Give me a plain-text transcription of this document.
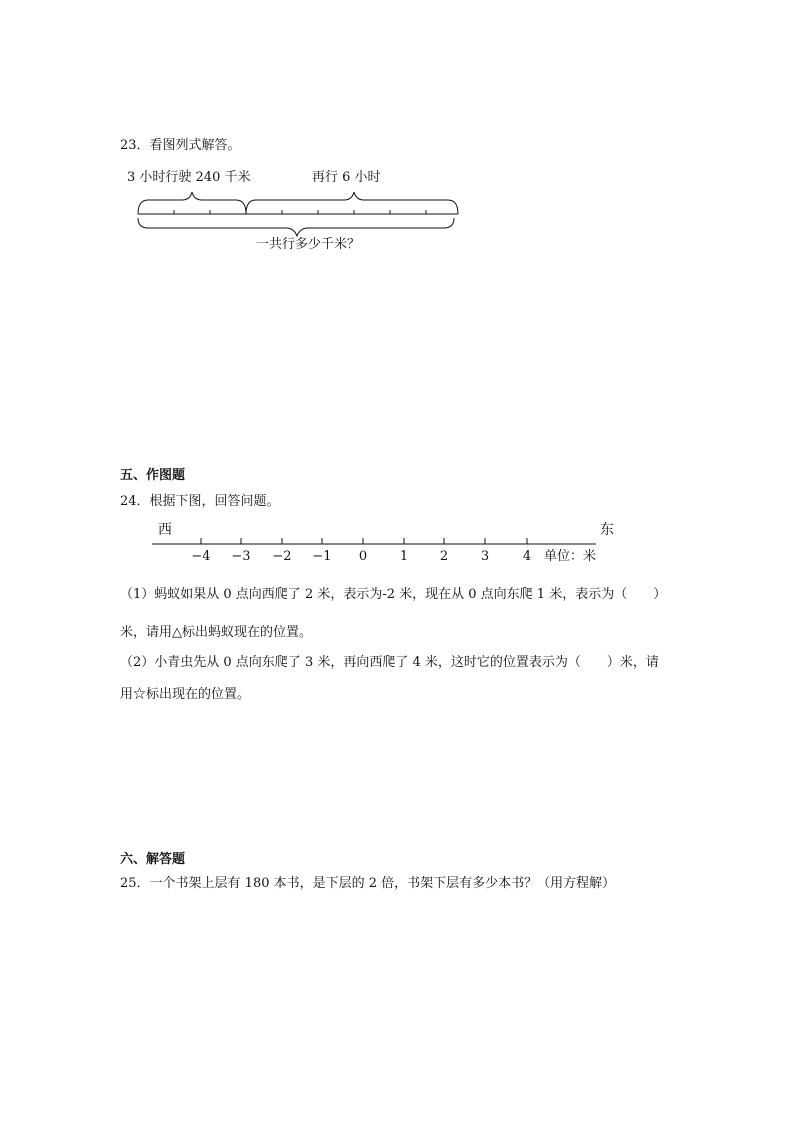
23．看图列式解答。
3 小时行驶 240 千米	再行 6 小时
一共行多少千米？
五、作图题
24．根据下图，回答问题。
西	东
−4 −3 −2 −1 0	1 2	3	4 单位：米
（1）蚂蚁如果从 0 点向西爬了 2 米，表示为-2 米，现在从 0 点向东爬 1 米，表示为（　　）
米，请用△标出蚂蚁现在的位置。
（2）小青虫先从 0 点向东爬了 3 米，再向西爬了 4 米，这时它的位置表示为（　　）米，请
用☆标出现在的位置。
六、解答题
25．一个书架上层有 180 本书，是下层的 2 倍，书架下层有多少本书？（用方程解）
